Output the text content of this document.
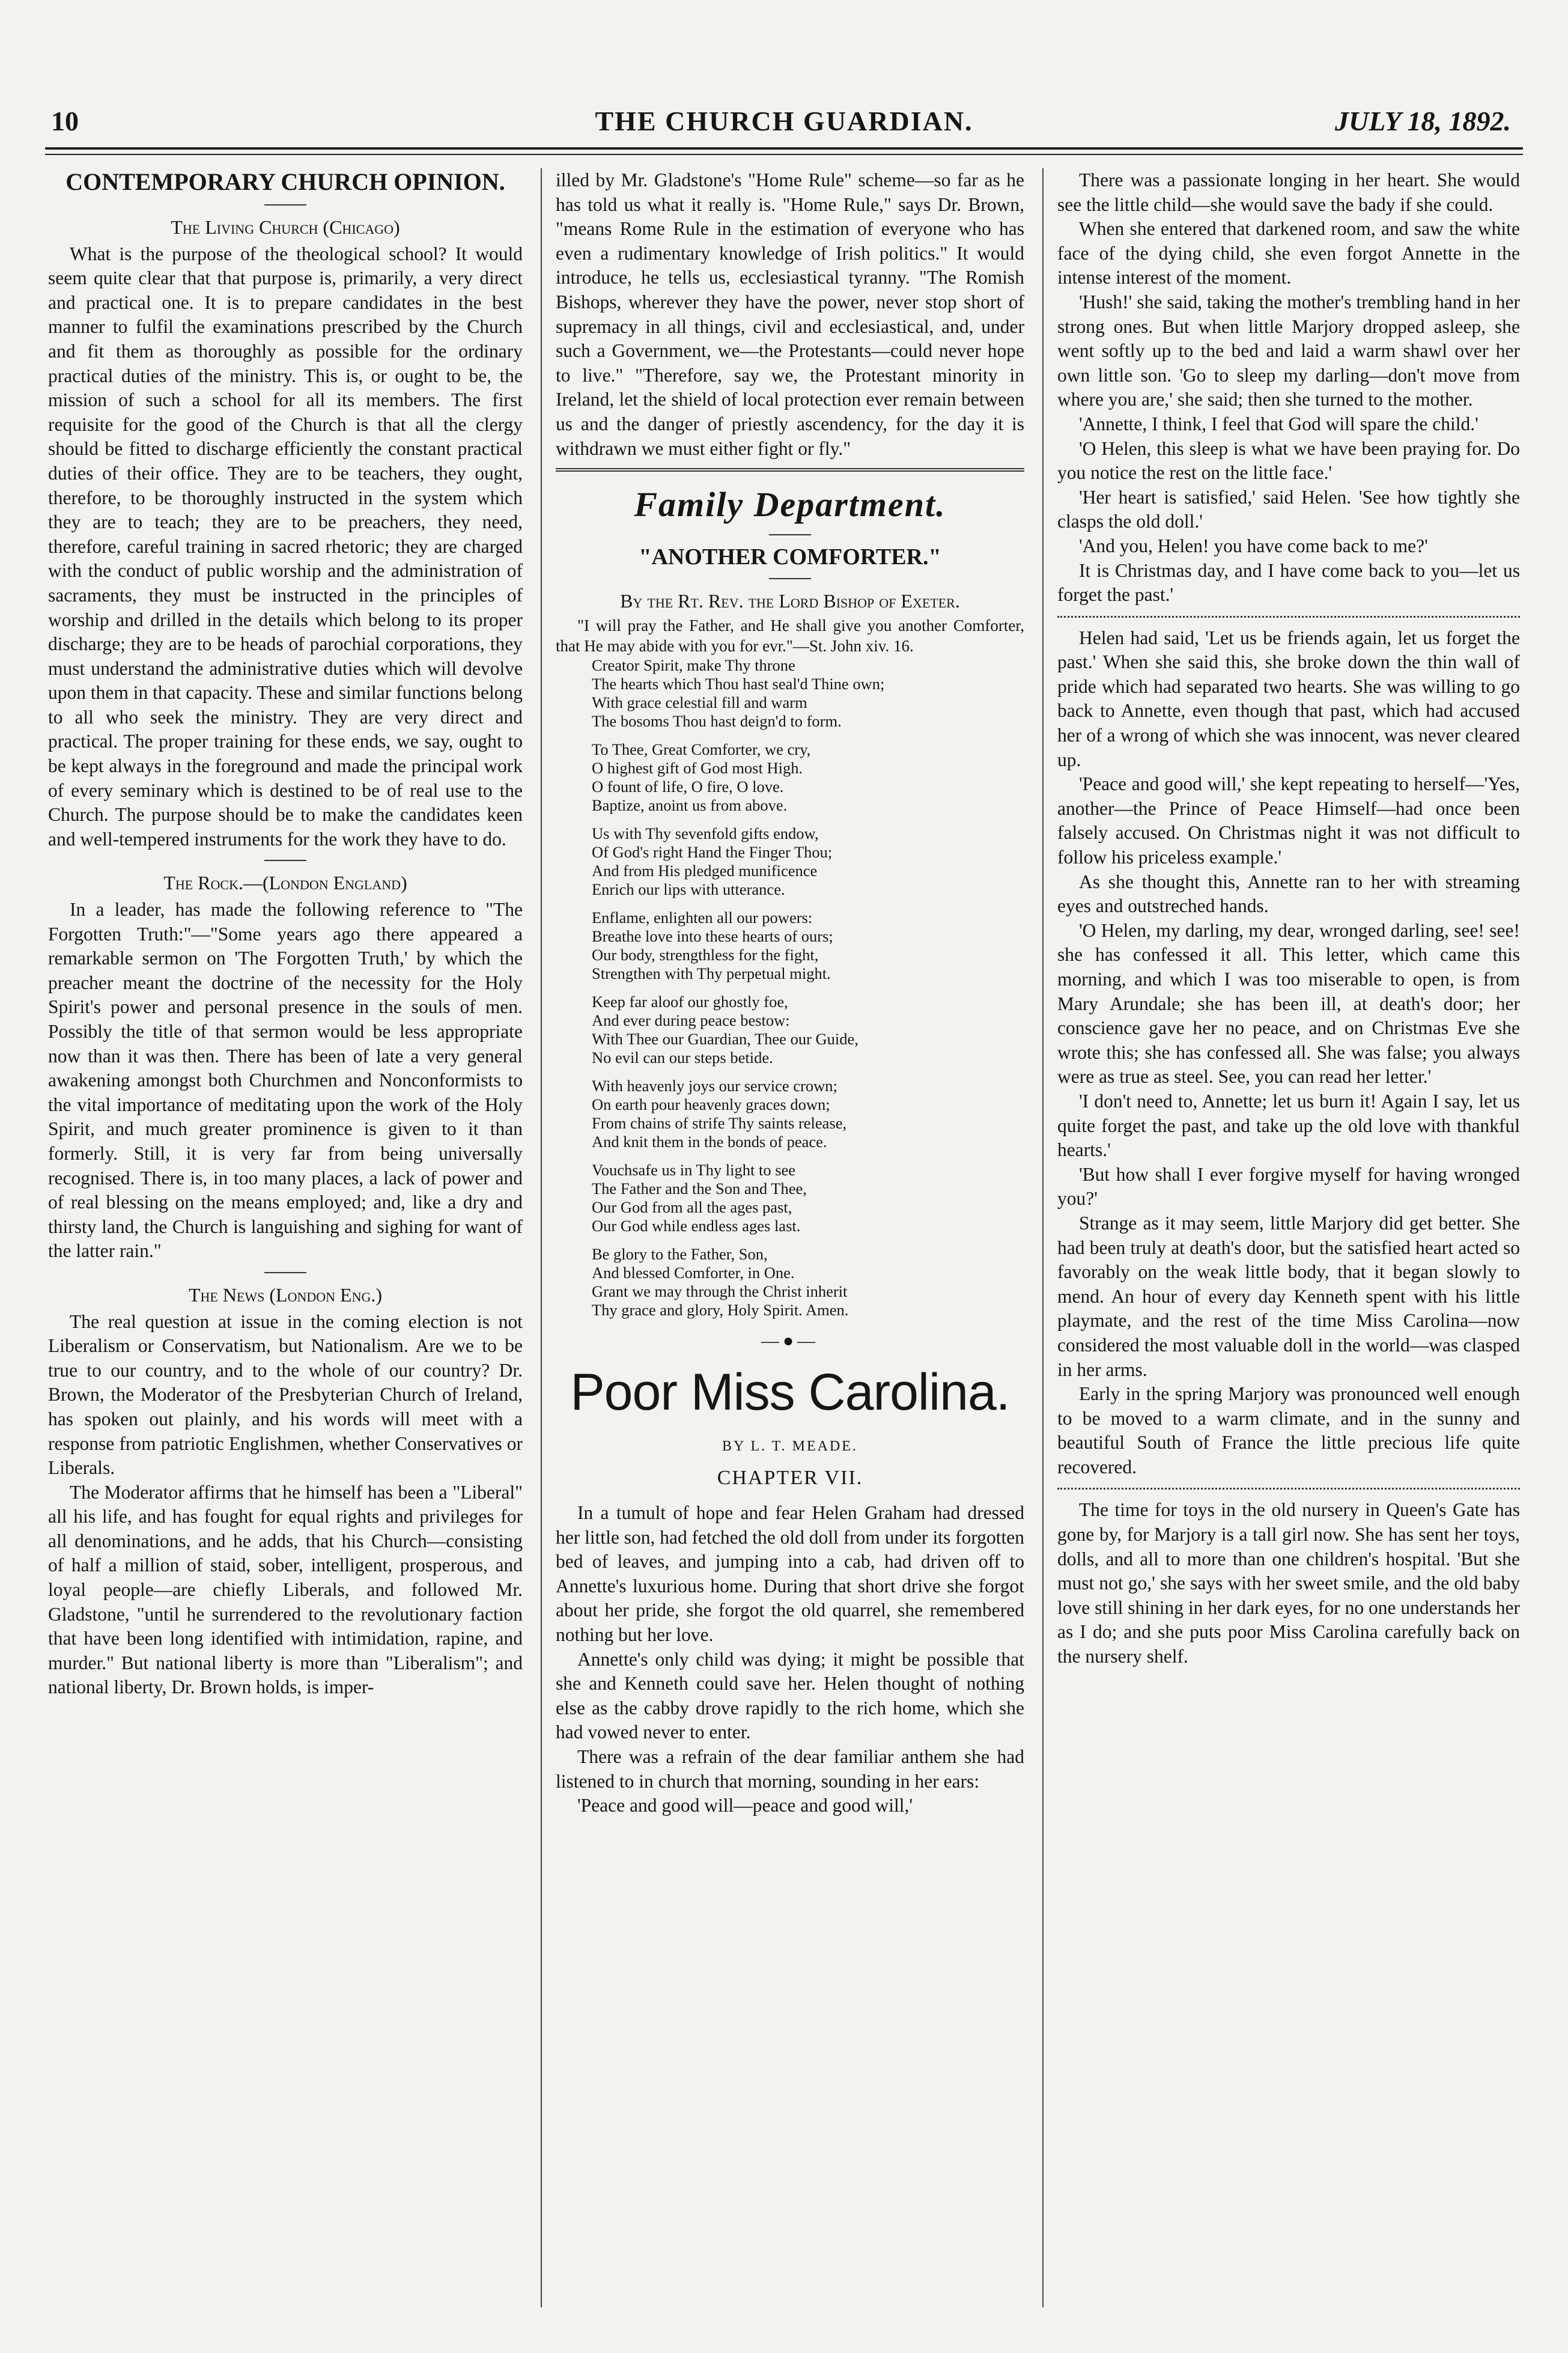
10	THE CHURCH GUARDIAN.	JULY 18, 1892.
CONTEMPORARY CHURCH OPINION.
The Living Church (Chicago)

What is the purpose of the theological school? It would seem quite clear that that purpose is, primarily, a very direct and practical one. It is to prepare candidates in the best manner to fulfil the examinations prescribed by the Church and fit them as thoroughly as possible for the ordinary practical duties of the ministry. This is, or ought to be, the mission of such a school for all its members. The first requisite for the good of the Church is that all the clergy should be fitted to discharge efficiently the constant practical duties of their office. They are to be teachers, they ought, therefore, to be thoroughly instructed in the system which they are to teach; they are to be preachers, they need, therefore, careful training in sacred rhetoric; they are charged with the conduct of public worship and the administration of sacraments, they must be instructed in the principles of worship and drilled in the details which belong to its proper discharge; they are to be heads of parochial corporations, they must understand the administrative duties which will devolve upon them in that capacity. These and similar functions belong to all who seek the ministry. They are very direct and practical. The proper training for these ends, we say, ought to be kept always in the foreground and made the principal work of every seminary which is destined to be of real use to the Church. The purpose should be to make the candidates keen and well-tempered instruments for the work they have to do.

The Rock.—(London England)

In a leader, has made the following reference to "The Forgotten Truth:"—"Some years ago there appeared a remarkable sermon on 'The Forgotten Truth,' by which the preacher meant the doctrine of the necessity for the Holy Spirit's power and personal presence in the souls of men. Possibly the title of that sermon would be less appropriate now than it was then. There has been of late a very general awakening amongst both Churchmen and Nonconformists to the vital importance of meditating upon the work of the Holy Spirit, and much greater prominence is given to it than formerly. Still, it is very far from being universally recognised. There is, in too many places, a lack of power and of real blessing on the means employed; and, like a dry and thirsty land, the Church is languishing and sighing for want of the latter rain."

The News (London Eng.)

The real question at issue in the coming election is not Liberalism or Conservatism, but Nationalism. Are we to be true to our country, and to the whole of our country? Dr. Brown, the Moderator of the Presbyterian Church of Ireland, has spoken out plainly, and his words will meet with a response from patriotic Englishmen, whether Conservatives or Liberals.

The Moderator affirms that he himself has been a "Liberal" all his life, and has fought for equal rights and privileges for all denominations, and he adds, that his Church—consisting of half a million of staid, sober, intelligent, prosperous, and loyal people—are chiefly Liberals, and followed Mr. Gladstone, "until he surrendered to the revolutionary faction that have been long identified with intimidation, rapine, and murder." But national liberty is more than "Liberalism"; and national liberty, Dr. Brown holds, is imper-

illed by Mr. Gladstone's "Home Rule" scheme—so far as he has told us what it really is. "Home Rule," says Dr. Brown, "means Rome Rule in the estimation of everyone who has even a rudimentary knowledge of Irish politics." It would introduce, he tells us, ecclesiastical tyranny. "The Romish Bishops, wherever they have the power, never stop short of supremacy in all things, civil and ecclesiastical, and, under such a Government, we—the Protestants—could never hope to live." "Therefore, say we, the Protestant minority in Ireland, let the shield of local protection ever remain between us and the danger of priestly ascendency, for the day it is withdrawn we must either fight or fly."

Family Department.
"ANOTHER COMFORTER."
By the Rt. Rev. the Lord Bishop of Exeter.

"I will pray the Father, and He shall give you another Comforter, that He may abide with you for evr."—St. John xiv. 16.

Creator Spirit, make Thy throne
The hearts which Thou hast seal'd Thine own;
With grace celestial fill and warm
The bosoms Thou hast deign'd to form.
To Thee, Great Comforter, we cry,
O highest gift of God most High.
O fount of life, O fire, O love.
Baptize, anoint us from above.
Us with Thy sevenfold gifts endow,
Of God's right Hand the Finger Thou;
And from His pledged munificence
Enrich our lips with utterance.
Enflame, enlighten all our powers:
Breathe love into these hearts of ours;
Our body, strengthless for the fight,
Strengthen with Thy perpetual might.
Keep far aloof our ghostly foe,
And ever during peace bestow:
With Thee our Guardian, Thee our Guide,
No evil can our steps betide.
With heavenly joys our service crown;
On earth pour heavenly graces down;
From chains of strife Thy saints release,
And knit them in the bonds of peace.
Vouchsafe us in Thy light to see
The Father and the Son and Thee,
Our God from all the ages past,
Our God while endless ages last.
Be glory to the Father, Son,
And blessed Comforter, in One.
Grant we may through the Christ inherit
Thy grace and glory, Holy Spirit. Amen.
—●—
Poor Miss Carolina.
BY L. T. MEADE.
CHAPTER VII.

In a tumult of hope and fear Helen Graham had dressed her little son, had fetched the old doll from under its forgotten bed of leaves, and jumping into a cab, had driven off to Annette's luxurious home. During that short drive she forgot about her pride, she forgot the old quarrel, she remembered nothing but her love.

Annette's only child was dying; it might be possible that she and Kenneth could save her. Helen thought of nothing else as the cabby drove rapidly to the rich home, which she had vowed never to enter.

There was a refrain of the dear familiar anthem she had listened to in church that morning, sounding in her ears:

'Peace and good will—peace and good will,'

There was a passionate longing in her heart. She would see the little child—she would save the bady if she could.

When she entered that darkened room, and saw the white face of the dying child, she even forgot Annette in the intense interest of the moment.

'Hush!' she said, taking the mother's trembling hand in her strong ones. But when little Marjory dropped asleep, she went softly up to the bed and laid a warm shawl over her own little son. 'Go to sleep my darling—don't move from where you are,' she said; then she turned to the mother.

'Annette, I think, I feel that God will spare the child.'

'O Helen, this sleep is what we have been praying for. Do you notice the rest on the little face.'

'Her heart is satisfied,' said Helen. 'See how tightly she clasps the old doll.'

'And you, Helen! you have come back to me?'

It is Christmas day, and I have come back to you—let us forget the past.'

Helen had said, 'Let us be friends again, let us forget the past.' When she said this, she broke down the thin wall of pride which had separated two hearts. She was willing to go back to Annette, even though that past, which had accused her of a wrong of which she was innocent, was never cleared up.

'Peace and good will,' she kept repeating to herself—'Yes, another—the Prince of Peace Himself—had once been falsely accused. On Christmas night it was not difficult to follow his priceless example.'

As she thought this, Annette ran to her with streaming eyes and outstreched hands.

'O Helen, my darling, my dear, wronged darling, see! see! she has confessed it all. This letter, which came this morning, and which I was too miserable to open, is from Mary Arundale; she has been ill, at death's door; her conscience gave her no peace, and on Christmas Eve she wrote this; she has confessed all. She was false; you always were as true as steel. See, you can read her letter.'

'I don't need to, Annette; let us burn it! Again I say, let us quite forget the past, and take up the old love with thankful hearts.'

'But how shall I ever forgive myself for having wronged you?'

Strange as it may seem, little Marjory did get better. She had been truly at death's door, but the satisfied heart acted so favorably on the weak little body, that it began slowly to mend. An hour of every day Kenneth spent with his little playmate, and the rest of the time Miss Carolina—now considered the most valuable doll in the world—was clasped in her arms.

Early in the spring Marjory was pronounced well enough to be moved to a warm climate, and in the sunny and beautiful South of France the little precious life quite recovered.

The time for toys in the old nursery in Queen's Gate has gone by, for Marjory is a tall girl now. She has sent her toys, dolls, and all to more than one children's hospital. 'But she must not go,' she says with her sweet smile, and the old baby love still shining in her dark eyes, for no one understands her as I do; and she puts poor Miss Carolina carefully back on the nursery shelf.
